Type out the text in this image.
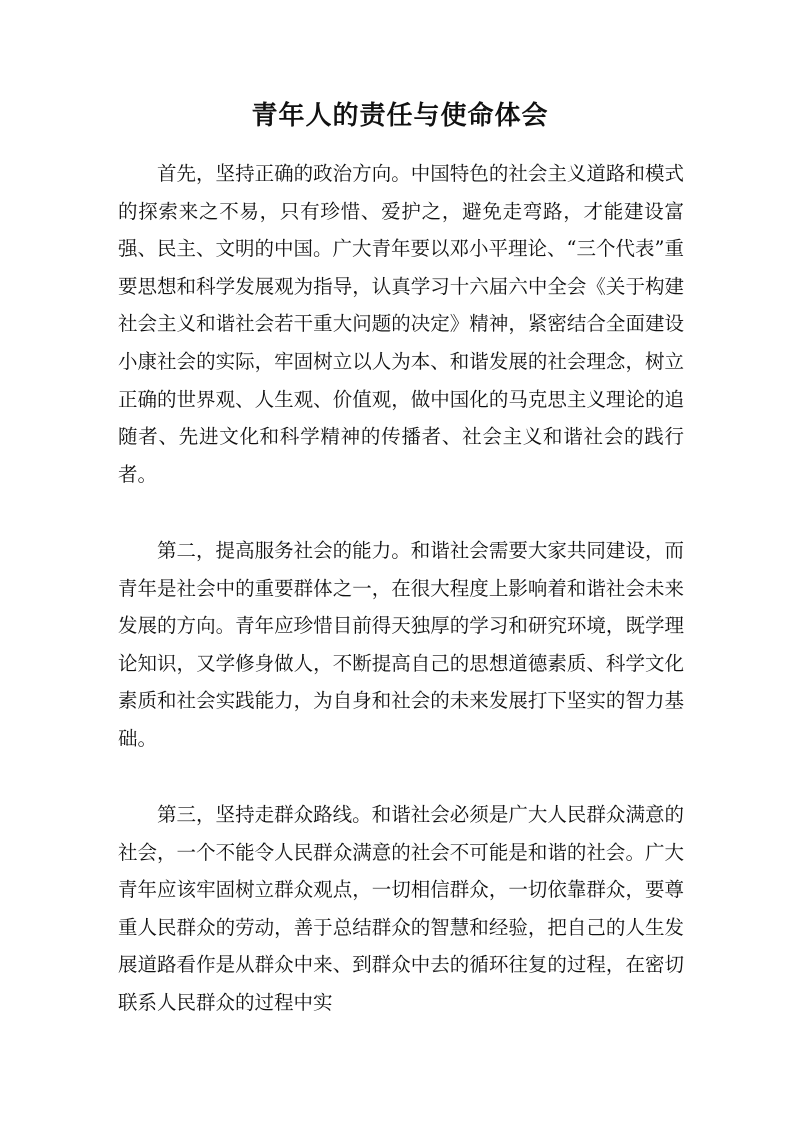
青年人的责任与使命体会

首先，坚持正确的政治方向。中国特色的社会主义道路和模式的探索来之不易，只有珍惜、爱护之，避免走弯路，才能建设富强、民主、文明的中国。广大青年要以邓小平理论、“三个代表”重要思想和科学发展观为指导，认真学习十六届六中全会《关于构建社会主义和谐社会若干重大问题的决定》精神，紧密结合全面建设小康社会的实际，牢固树立以人为本、和谐发展的社会理念，树立正确的世界观、人生观、价值观，做中国化的马克思主义理论的追随者、先进文化和科学精神的传播者、社会主义和谐社会的践行者。

第二，提高服务社会的能力。和谐社会需要大家共同建设，而青年是社会中的重要群体之一，在很大程度上影响着和谐社会未来发展的方向。青年应珍惜目前得天独厚的学习和研究环境，既学理论知识，又学修身做人，不断提高自己的思想道德素质、科学文化素质和社会实践能力，为自身和社会的未来发展打下坚实的智力基础。

第三，坚持走群众路线。和谐社会必须是广大人民群众满意的社会，一个不能令人民群众满意的社会不可能是和谐的社会。广大青年应该牢固树立群众观点，一切相信群众，一切依靠群众，要尊重人民群众的劳动，善于总结群众的智慧和经验，把自己的人生发展道路看作是从群众中来、到群众中去的循环往复的过程，在密切联系人民群众的过程中实
